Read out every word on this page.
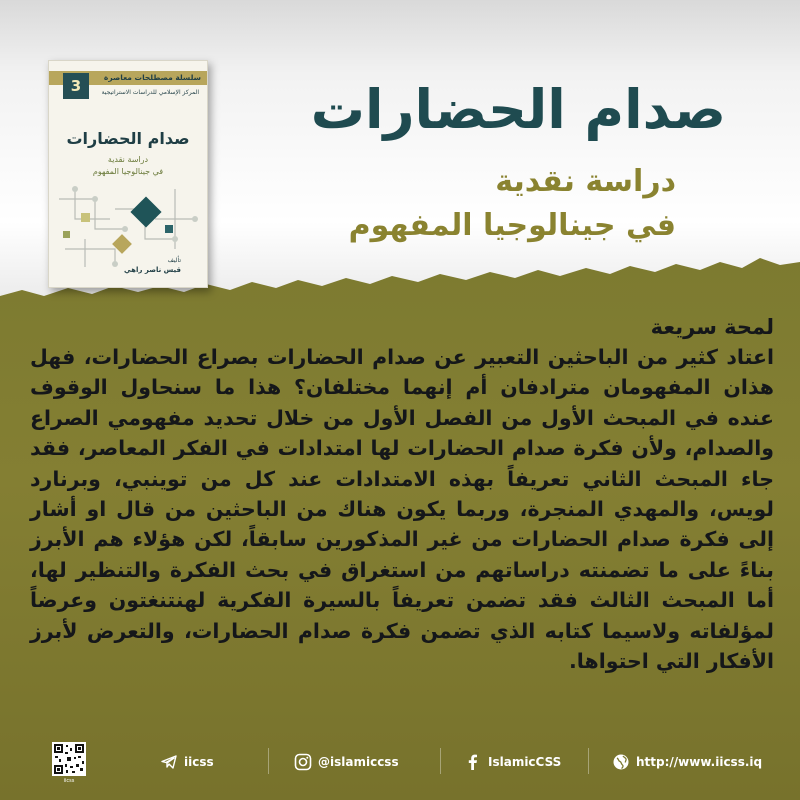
سلسلة مصطلحات معاصرة
3	المركز الإسلامي للدراسات الاستراتيجية
صدام الحضارات
دراسة نقدية
في جينالوجيا المفهوم
تأليف
قيس ناصر راهي
صدام الحضارات
دراسة نقدية
في جينالوجيا المفهوم
لمحة سريعة

اعتاد كثير من الباحثين التعبير عن صدام الحضارات بصراع الحضارات، فهل هذان المفهومان مترادفان أم إنهما مختلفان؟ هذا ما سنحاول الوقوف عنده في المبحث الأول من الفصل الأول من خلال تحديد مفهومي الصراع والصدام، ولأن فكرة صدام الحضارات لها امتدادات في الفكر المعاصر، فقد جاء المبحث الثاني تعريفاً بهذه الامتدادات عند كل من توينبي، وبرنارد لويس، والمهدي المنجرة، وربما يكون هناك من الباحثين من قال او أشار إلى فكرة صدام الحضارات من غير المذكورين سابقاً، لكن هؤلاء هم الأبرز بناءً على ما تضمنته دراساتهم من استغراق في بحث الفكرة والتنظير لها، أما المبحث الثالث فقد تضمن تعريفاً بالسيرة الفكرية لهنتنغتون وعرضاً لمؤلفاته ولاسيما كتابه الذي تضمن فكرة صدام الحضارات، والتعرض لأبرز الأفكار التي احتواها.

iicss
iicss	@islamiccss	IslamicCSS	http://www.iicss.iq
